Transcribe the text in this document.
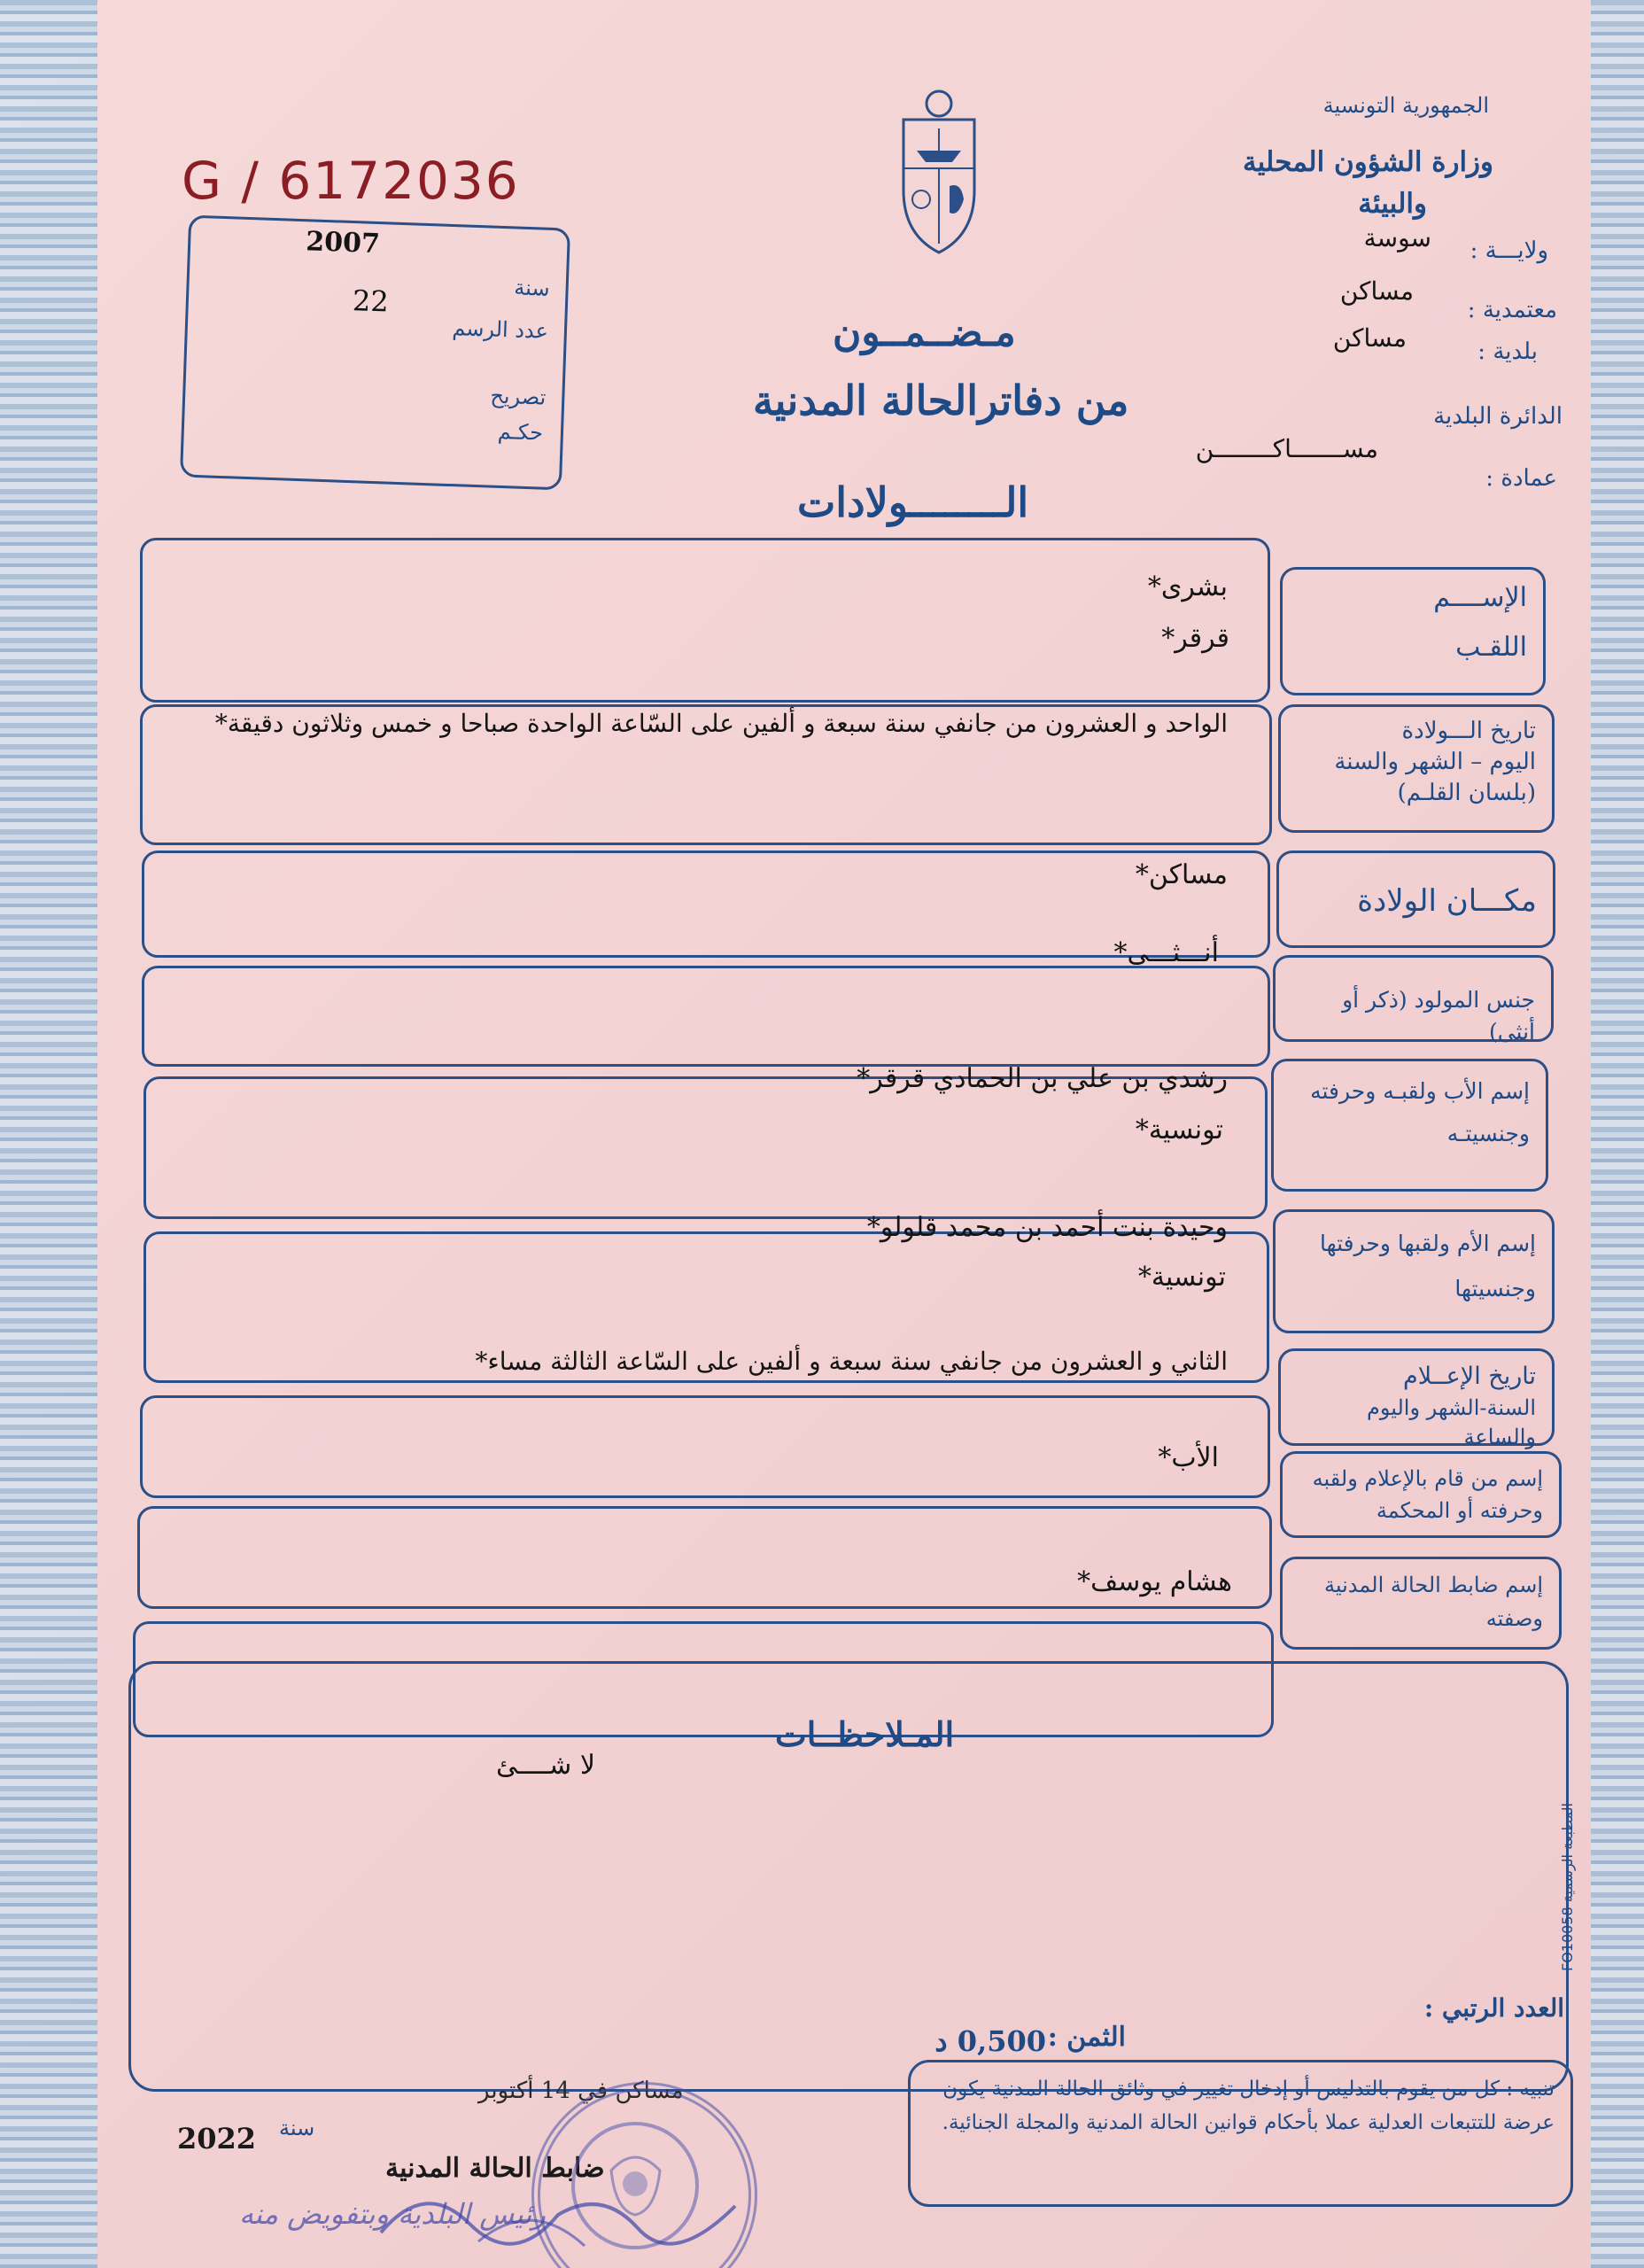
G / 6172036
الجمهورية التونسية
وزارة الشؤون المحلية
والبيئة
ولايـــة :
سوسة
معتمدية :
مساكن
بلدية :
مساكن
الدائرة البلدية
عمادة :
مســـــــاكــــــــن
مـضــمــون
من دفاترالحالة المدنية
الــــــــولادات
2007
سنة
22
عدد الرسم
تصريح
حكـم
الإســــم
اللقـب
بشرى*
قرقر*
تاريخ الـــولادة
اليوم – الشهر والسنة
(بلسان القلـم)
الواحد و العشرون من جانفي سنة سبعة و ألفين على السّاعة الواحدة صباحا و خمس وثلاثون دقيقة*
مكـــان الولادة
مساكن*
جنس المولود (ذكر أو أنثى)
أنـــثـــى*
إسم الأب ولقبـه وحرفته
وجنسيتـه
رشدي بن علي بن الحمادي قرقر*
تونسية*
إسم الأم ولقبها وحرفتها
وجنسيتها
وحيدة بنت أحمد بن محمد قلولو*
تونسية*
تاريخ الإعــلام
السنة-الشهر واليوم والساعة
الثاني و العشرون من جانفي سنة سبعة و ألفين على السّاعة الثالثة مساء*
إسم من قام بالإعلام ولقبه
وحرفته أو المحكمة
الأب*
إسم ضابط الحالة المدنية
وصفته
هشام يوسف*
المـلاحظــات
لا شــــئ
المطبعة الرسمية FO10058
العدد الرتبي :
الثمن :
0,500 د
مساكن في 14 أكتوبر
سنة
2022
ضابط الحالة المدنية
رئيس البلدية وبتفويض منه
تنبيه : كل من يقوم بالتدليس أو إدخال تغيير في وثائق الحالة المدنية يكون عرضة للتتبعات العدلية عملا بأحكام قوانين الحالة المدنية والمجلة الجنائية.
